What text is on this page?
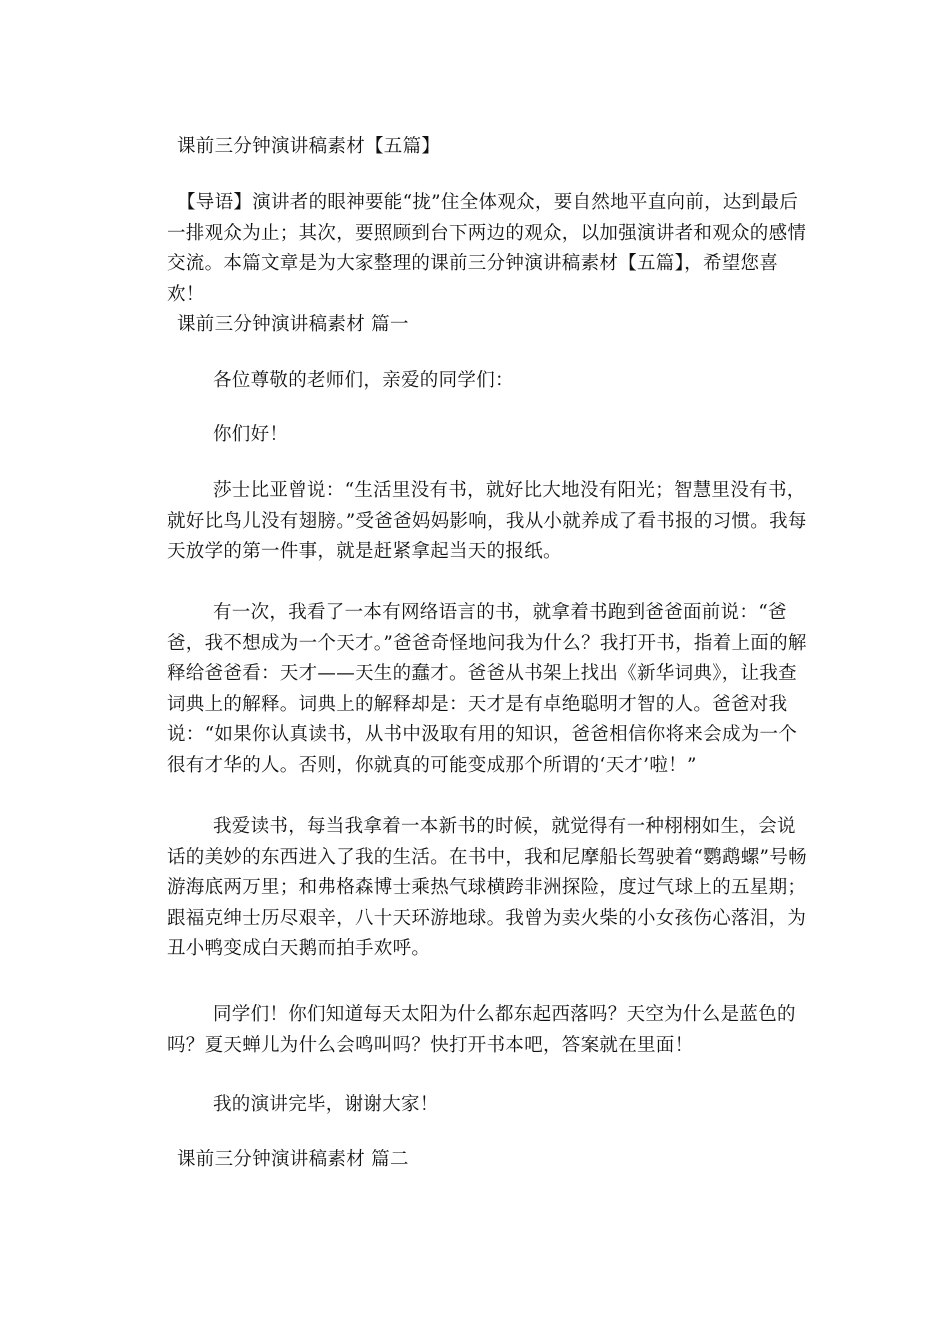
课前三分钟演讲稿素材【五篇】

【导语】演讲者的眼神要能“拢”住全体观众，要自然地平直向前，达到最后一排观众为止；其次，要照顾到台下两边的观众，以加强演讲者和观众的感情交流。本篇文章是为大家整理的课前三分钟演讲稿素材【五篇】，希望您喜欢！

课前三分钟演讲稿素材 篇一

各位尊敬的老师们，亲爱的同学们：

你们好！

莎士比亚曾说：“生活里没有书，就好比大地没有阳光；智慧里没有书，就好比鸟儿没有翅膀。”受爸爸妈妈影响，我从小就养成了看书报的习惯。我每天放学的第一件事，就是赶紧拿起当天的报纸。

有一次，我看了一本有网络语言的书，就拿着书跑到爸爸面前说：“爸爸，我不想成为一个天才。”爸爸奇怪地问我为什么？我打开书，指着上面的解释给爸爸看：天才——天生的蠢才。爸爸从书架上找出《新华词典》，让我查词典上的解释。词典上的解释却是：天才是有卓绝聪明才智的人。爸爸对我说：“如果你认真读书，从书中汲取有用的知识，爸爸相信你将来会成为一个很有才华的人。否则，你就真的可能变成那个所谓的‘天才’啦！”

我爱读书，每当我拿着一本新书的时候，就觉得有一种栩栩如生，会说话的美妙的东西进入了我的生活。在书中，我和尼摩船长驾驶着“鹦鹉螺”号畅游海底两万里；和弗格森博士乘热气球横跨非洲探险，度过气球上的五星期；跟福克绅士历尽艰辛，八十天环游地球。我曾为卖火柴的小女孩伤心落泪，为丑小鸭变成白天鹅而拍手欢呼。

同学们！你们知道每天太阳为什么都东起西落吗？天空为什么是蓝色的吗？夏天蝉儿为什么会鸣叫吗？快打开书本吧，答案就在里面！

我的演讲完毕，谢谢大家！

课前三分钟演讲稿素材 篇二
